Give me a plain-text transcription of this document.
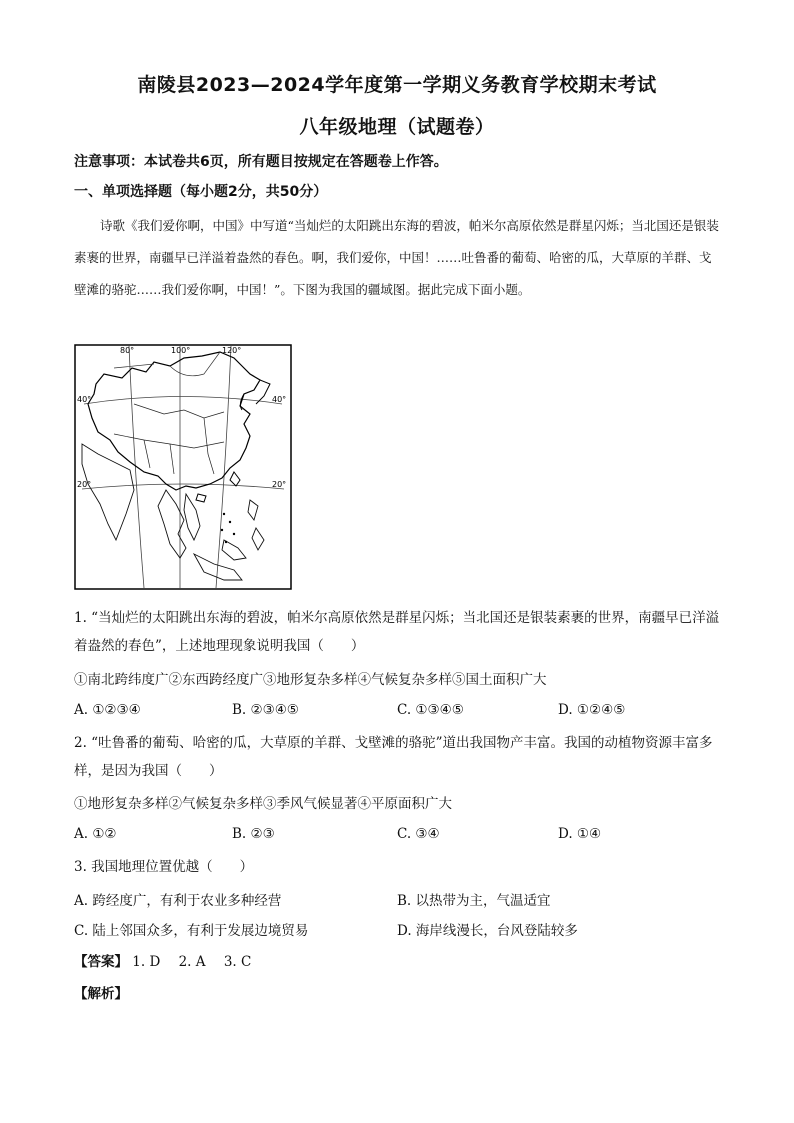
南陵县2023—2024学年度第一学期义务教育学校期末考试
八年级地理（试题卷）
注意事项：本试卷共6页，所有题目按规定在答题卷上作答。
一、单项选择题（每小题2分，共50分）
诗歌《我们爱你啊，中国》中写道“当灿烂的太阳跳出东海的碧波，帕米尔高原依然是群星闪烁；当北国还是银装素裹的世界，南疆早已洋溢着盎然的春色。啊，我们爱你，中国！……吐鲁番的葡萄、哈密的瓜，大草原的羊群、戈壁滩的骆驼……我们爱你啊，中国！”。下图为我国的疆域图。据此完成下面小题。
80°	100°	120°
40°
20°
40°
20°
1. “当灿烂的太阳跳出东海的碧波，帕米尔高原依然是群星闪烁；当北国还是银装素裹的世界，南疆早已洋溢着盎然的春色”，上述地理现象说明我国（　　）
①南北跨纬度广②东西跨经度广③地形复杂多样④气候复杂多样⑤国土面积广大
A. ①②③④	B. ②③④⑤	C. ①③④⑤	D. ①②④⑤
2. “吐鲁番的葡萄、哈密的瓜，大草原的羊群、戈壁滩的骆驼”道出我国物产丰富。我国的动植物资源丰富多样，是因为我国（　　）
①地形复杂多样②气候复杂多样③季风气候显著④平原面积广大
A. ①②	B. ②③	C. ③④	D. ①④
3. 我国地理位置优越（　　）
A. 跨经度广，有利于农业多种经营	B. 以热带为主，气温适宜
C. 陆上邻国众多，有利于发展边境贸易	D. 海岸线漫长，台风登陆较多
【答案】 1. D 2. A 3. C
【解析】
